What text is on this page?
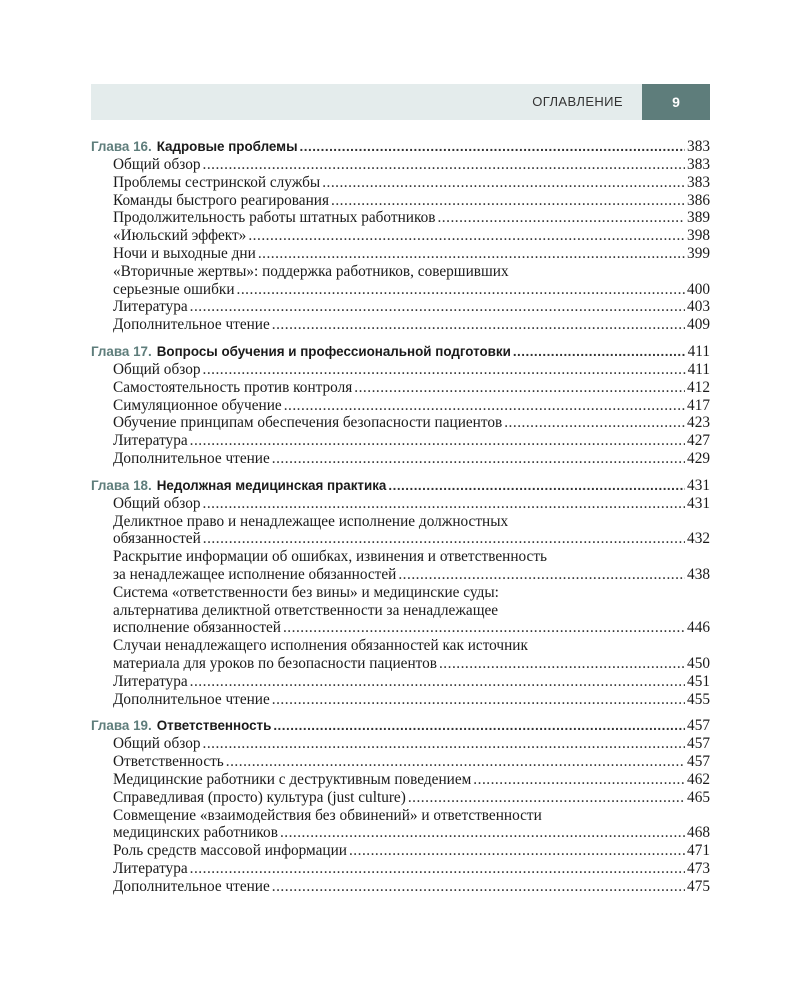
ОГЛАВЛЕНИЕ	9
Глава 16. Кадровые проблемы .....	383
Общий обзор .....	383
Проблемы сестринской службы .....	383
Команды быстрого реагирования .....	386
Продолжительность работы штатных работников .....	389
«Июльский эффект» .....	398
Ночи и выходные дни .....	399
«Вторичные жертвы»: поддержка работников, совершивших
серьезные ошибки .....	400
Литература .....	403
Дополнительное чтение .....	409
Глава 17. Вопросы обучения и профессиональной подготовки .....	411
Общий обзор .....	411
Самостоятельность против контроля .....	412
Симуляционное обучение .....	417
Обучение принципам обеспечения безопасности пациентов .....	423
Литература .....	427
Дополнительное чтение .....	429
Глава 18. Недолжная медицинская практика .....	431
Общий обзор .....	431
Деликтное право и ненадлежащее исполнение должностных
обязанностей .....	432
Раскрытие информации об ошибках, извинения и ответственность
за ненадлежащее исполнение обязанностей .....	438
Система «ответственности без вины» и медицинские суды:
альтернатива деликтной ответственности за ненадлежащее
исполнение обязанностей .....	446
Случаи ненадлежащего исполнения обязанностей как источник
материала для уроков по безопасности пациентов .....	450
Литература .....	451
Дополнительное чтение .....	455
Глава 19. Ответственность .....	457
Общий обзор .....	457
Ответственность .....	457
Медицинские работники с деструктивным поведением .....	462
Справедливая (просто) культура (just culture) .....	465
Совмещение «взаимодействия без обвинений» и ответственности
медицинских работников .....	468
Роль средств массовой информации .....	471
Литература .....	473
Дополнительное чтение .....	475
